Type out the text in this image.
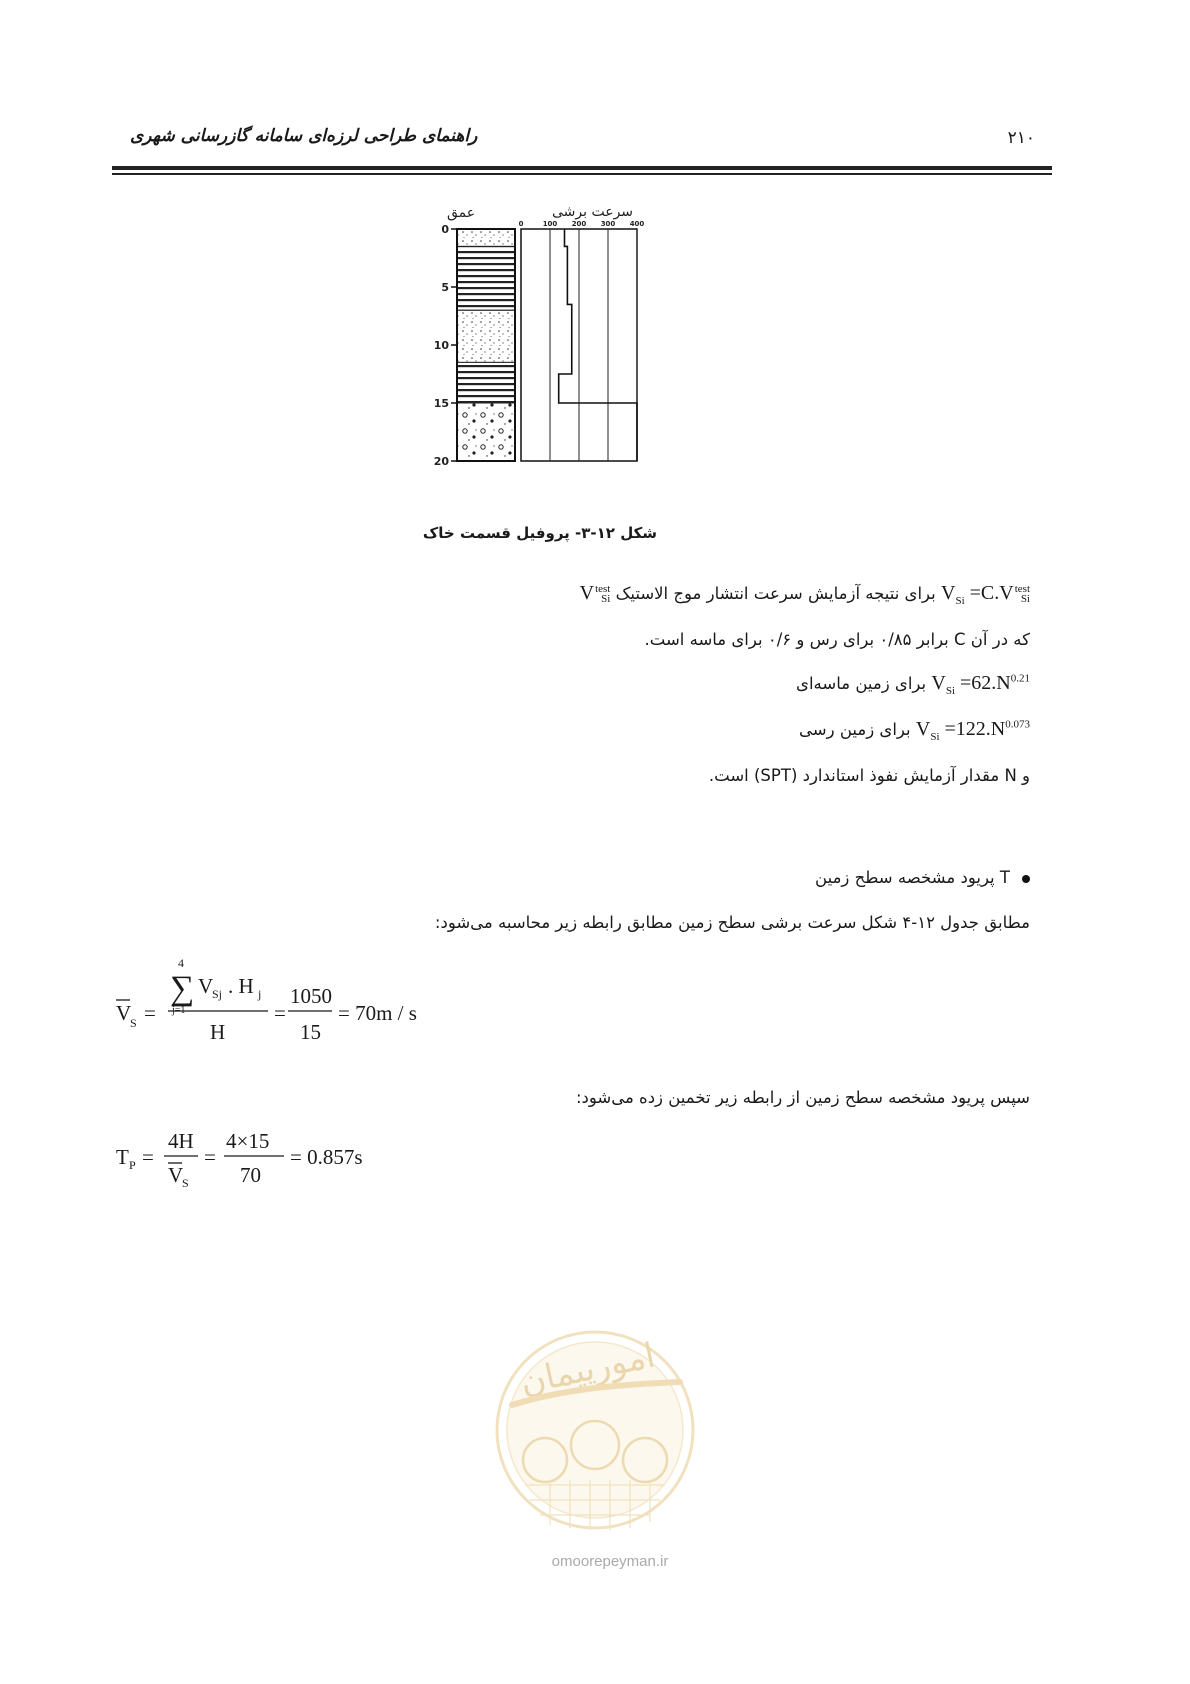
۲۱۰
راهنمای طراحی لرزه‌ای سامانه گازرسانی شهری
عمق	سرعت برشی
0
5
10
15
20
0	100 200 300 400
شکل ۱۲-۳- پروفیل قسمت خاک
$V_{Si} =C.V$ test
Si
برای نتیجه آزمایش سرعت انتشار موج الاستیک V test
Si
که در آن C برابر ۰/۸۵ برای رس و ۰/۶ برای ماسه است.
$V_{Si} =62.N^{0.21}$ برای زمین ماسه‌ای
$V_{Si} =122.N^{0.073}$ برای زمین رسی
و N مقدار آزمایش نفوذ استاندارد (SPT) است.
T پریود مشخصه سطح زمین
مطابق جدول ۱۲-۴ شکل سرعت برشی سطح زمین مطابق رابطه زیر محاسبه می‌شود:
V
S =
4
∑
j=1
V
Sj . H j
H
=
1050
15
= 70m / s
سپس پریود مشخصه سطح زمین از رابطه زیر تخمین زده می‌شود:
T P =
4H
V
S
=
4×15
70
= 0.857s
امورپیمان
omoorepeyman.ir
